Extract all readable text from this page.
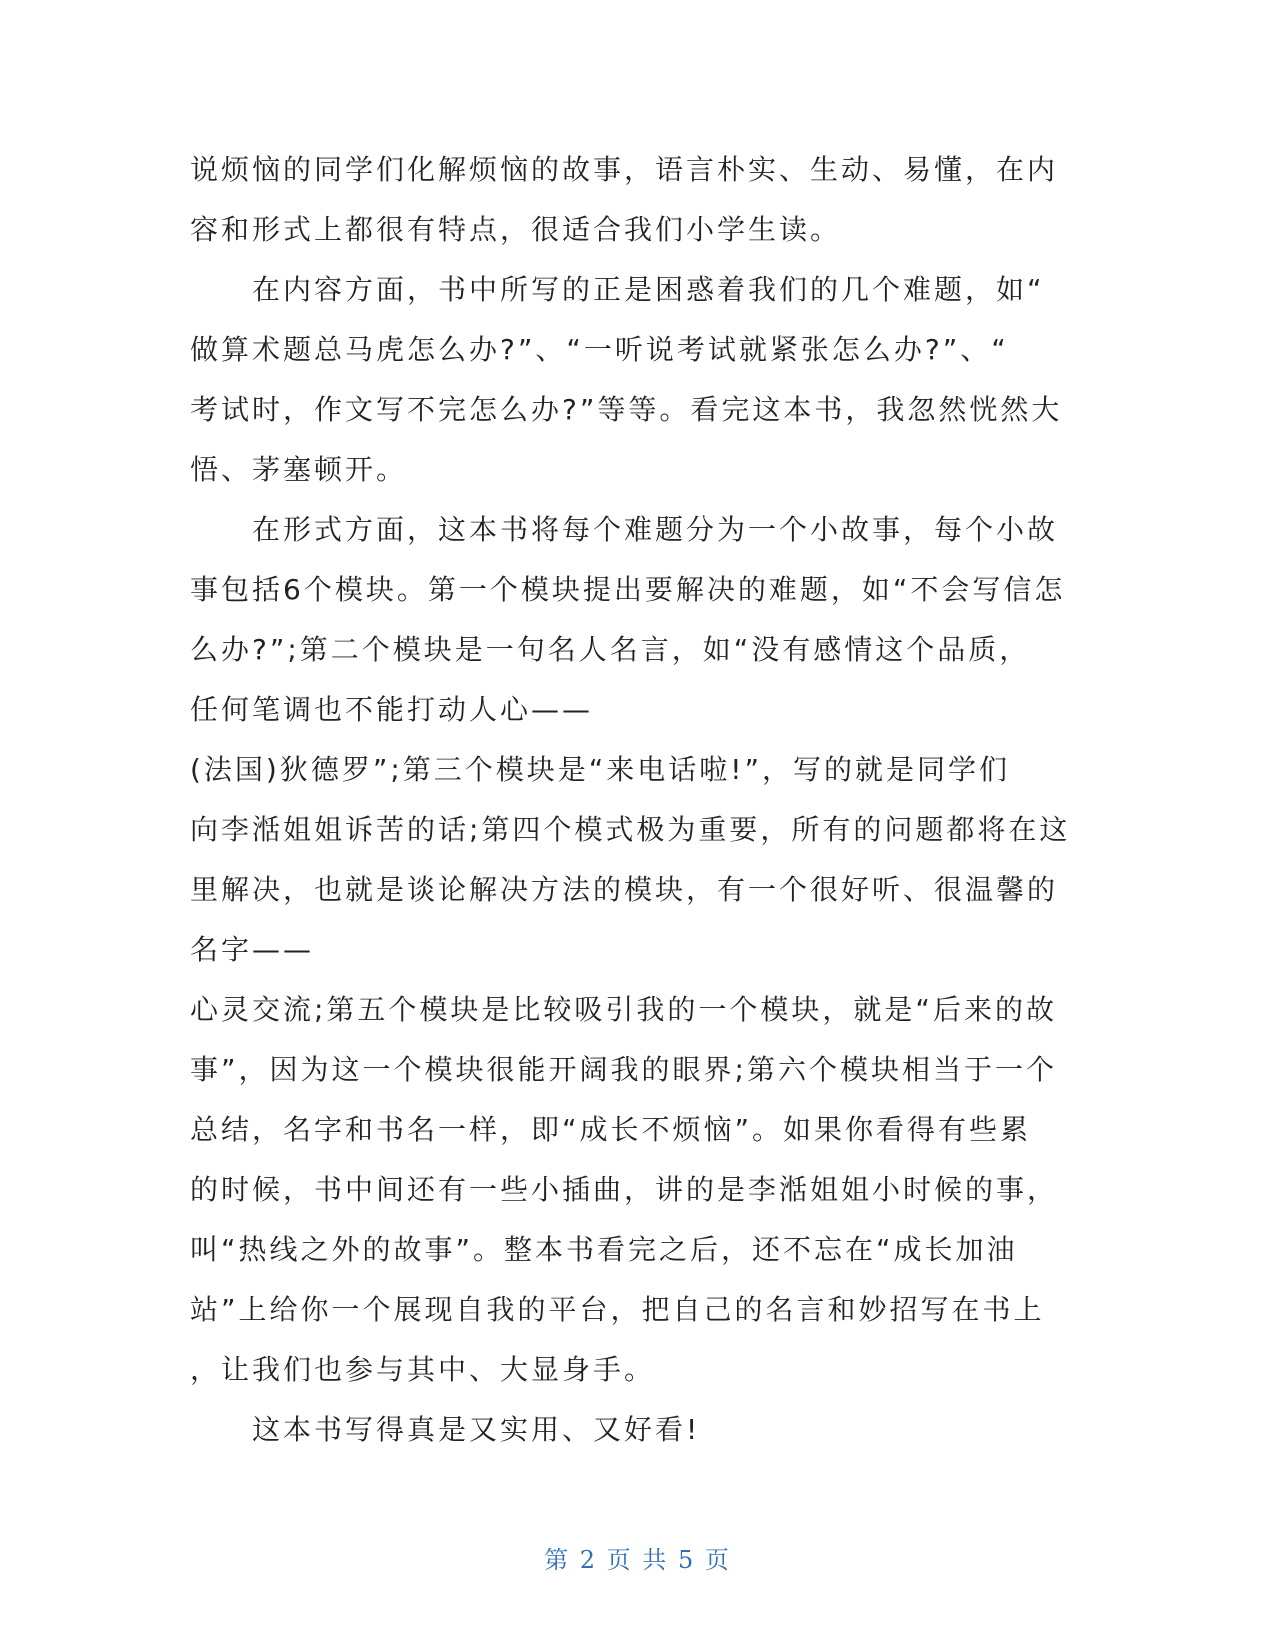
说烦恼的同学们化解烦恼的故事，语言朴实、生动、易懂，在内
容和形式上都很有特点，很适合我们小学生读。
在内容方面，书中所写的正是困惑着我们的几个难题，如“
做算术题总马虎怎么办?”、“一听说考试就紧张怎么办?”、“
考试时，作文写不完怎么办?”等等。看完这本书，我忽然恍然大
悟、茅塞顿开。
在形式方面，这本书将每个难题分为一个小故事，每个小故
事包括6个模块。第一个模块提出要解决的难题，如“不会写信怎
么办?”;第二个模块是一句名人名言，如“没有感情这个品质，
任何笔调也不能打动人心——
(法国)狄德罗”;第三个模块是“来电话啦!”，写的就是同学们
向李湉姐姐诉苦的话;第四个模式极为重要，所有的问题都将在这
里解决，也就是谈论解决方法的模块，有一个很好听、很温馨的
名字——
心灵交流;第五个模块是比较吸引我的一个模块，就是“后来的故
事”，因为这一个模块很能开阔我的眼界;第六个模块相当于一个
总结，名字和书名一样，即“成长不烦恼”。如果你看得有些累
的时候，书中间还有一些小插曲，讲的是李湉姐姐小时候的事，
叫“热线之外的故事”。整本书看完之后，还不忘在“成长加油
站”上给你一个展现自我的平台，把自己的名言和妙招写在书上
，让我们也参与其中、大显身手。
这本书写得真是又实用、又好看!
第 2 页 共 5 页
